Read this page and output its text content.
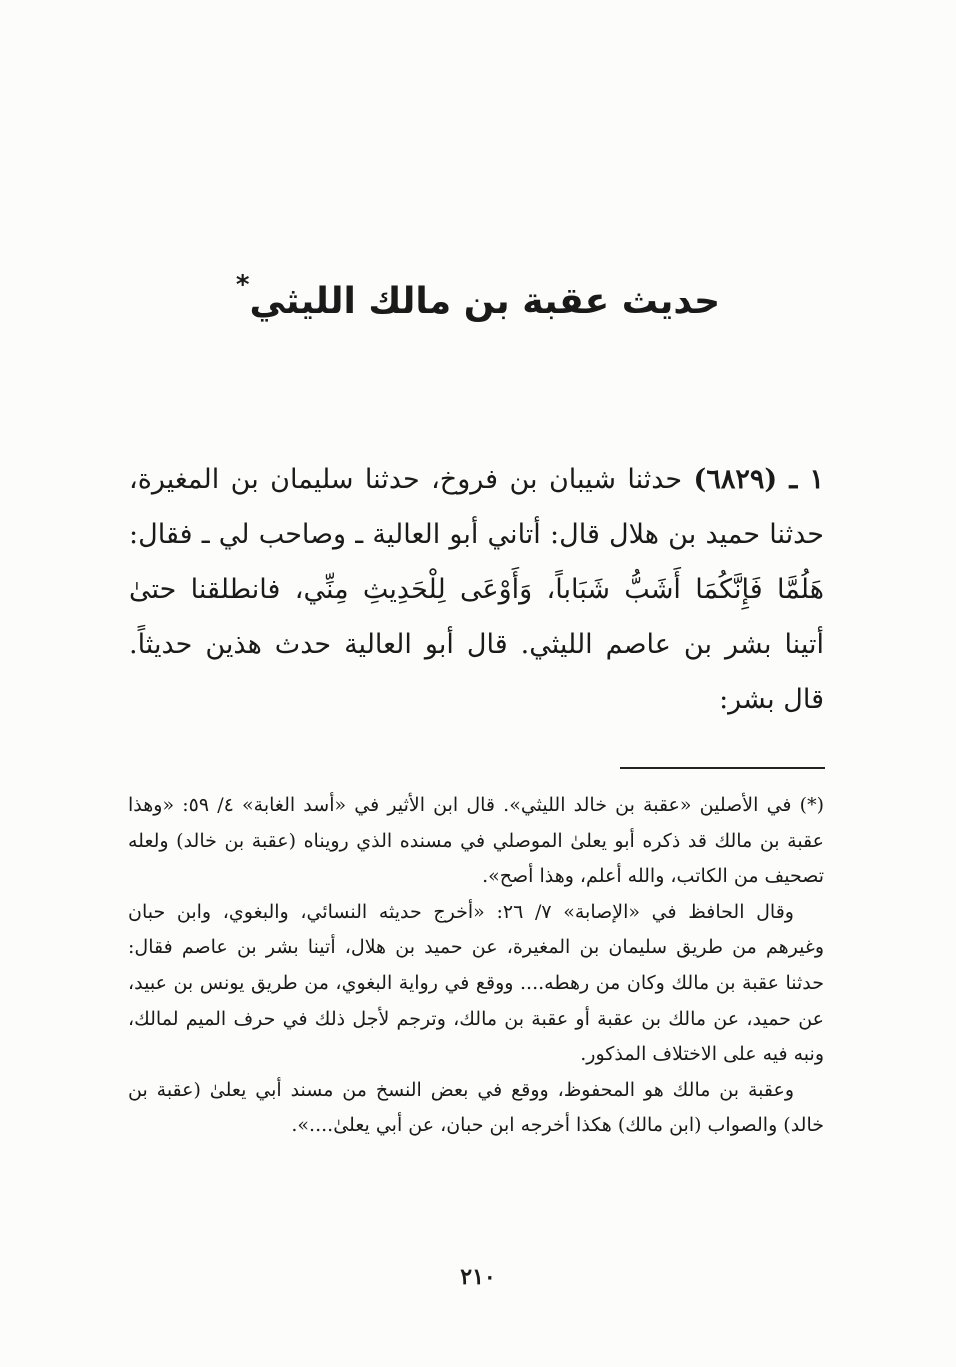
حديث عقبة بن مالك الليثي*

١ ـ (٦٨٢٩) حدثنا شيبان بن فروخ، حدثنا سليمان بن المغيرة، حدثنا حميد بن هلال قال: أتاني أبو العالية ـ وصاحب لي ـ فقال: هَلُمَّا فَإِنَّكُمَا أَشَبُّ شَبَاباً، وَأَوْعَى لِلْحَدِيثِ مِنِّي، فانطلقنا حتىٰ أتينا بشر بن عاصم الليثي. قال أبو العالية حدث هذين حديثاً. قال بشر:

(*) في الأصلين «عقبة بن خالد الليثي». قال ابن الأثير في «أسد الغابة» ٤/ ٥٩: «وهذا عقبة بن مالك قد ذكره أبو يعلىٰ الموصلي في مسنده الذي رويناه (عقبة بن خالد) ولعله تصحيف من الكاتب، والله أعلم، وهذا أصح».

وقال الحافظ في «الإصابة» ٧/ ٢٦: «أخرج حديثه النسائي، والبغوي، وابن حبان وغيرهم من طريق سليمان بن المغيرة، عن حميد بن هلال، أتينا بشر بن عاصم فقال: حدثنا عقبة بن مالك وكان من رهطه.... ووقع في رواية البغوي، من طريق يونس بن عبيد، عن حميد، عن مالك بن عقبة أو عقبة بن مالك، وترجم لأجل ذلك في حرف الميم لمالك، ونبه فيه على الاختلاف المذكور.

وعقبة بن مالك هو المحفوظ، ووقع في بعض النسخ من مسند أبي يعلىٰ (عقبة بن خالد) والصواب (ابن مالك) هكذا أخرجه ابن حبان، عن أبي يعلىٰ....».

٢١٠
